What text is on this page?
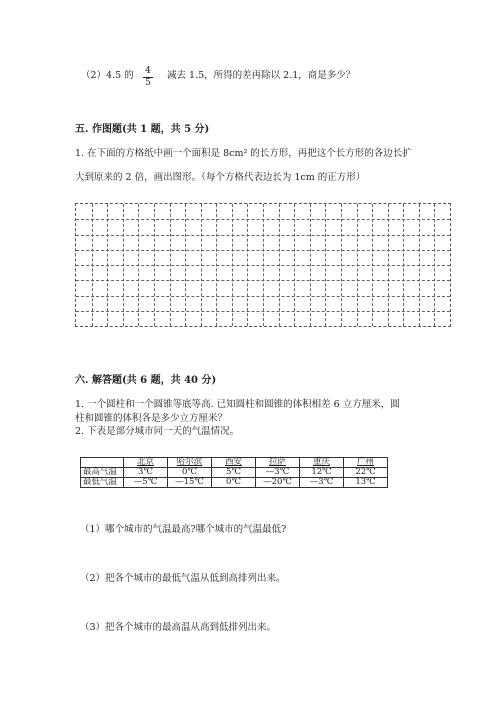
（2）4.5 的	4
5
减去 1.5，所得的差再除以 2.1，商是多少？
五. 作图题(共 1 题，共 5 分)
1. 在下面的方格纸中画一个面积是 8cm² 的长方形，再把这个长方形的各边长扩
大到原来的 2 倍，画出图形。（每个方格代表边长为 1cm 的正方形）
六. 解答题(共 6 题，共 40 分)
1. 一个圆柱和一个圆锥等底等高. 已知圆柱和圆锥的体积相差 6 立方厘米，圆
柱和圆锥的体积各是多少立方厘米？
2. 下表是部分城市同一天的气温情况。
	北京	哈尔滨	西安	拉萨	重庆	广州
最高气温	3℃	0℃	5℃	—3℃	12℃	22℃
最低气温	—5℃	—15℃	0℃	—20℃	—3℃	13℃
（1）哪个城市的气温最高?哪个城市的气温最低?
（2）把各个城市的最低气温从低到高排列出来。
（3）把各个城市的最高温从高到低排列出来。
